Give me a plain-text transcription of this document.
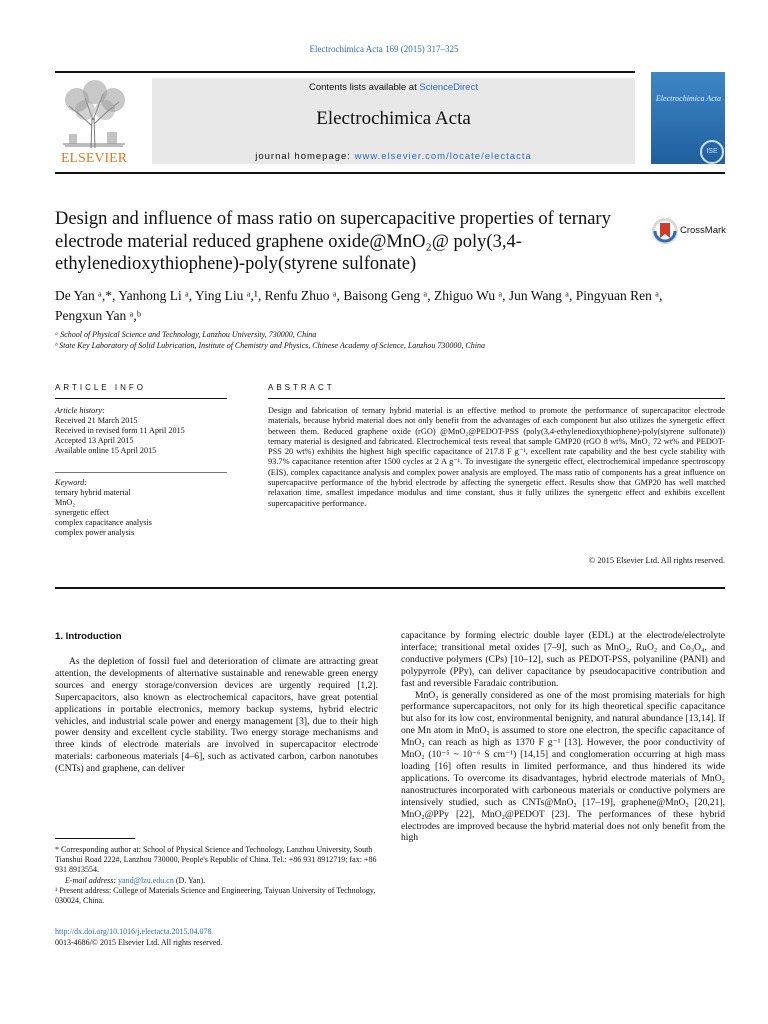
Electrochimica Acta 169 (2015) 317–325
ELSEVIER
Contents lists available at ScienceDirect
Electrochimica Acta
journal homepage: www.elsevier.com/locate/electacta
Electrochimica Acta
ISE
Design and influence of mass ratio on supercapacitive properties of ternary electrode material reduced graphene oxide@MnO₂@ poly(3,4-ethylenedioxythiophene)-poly(styrene sulfonate)
CrossMark
De Yan ᵃ,*, Yanhong Li ᵃ, Ying Liu ᵃ,¹, Renfu Zhuo ᵃ, Baisong Geng ᵃ, Zhiguo Wu ᵃ, Jun Wang ᵃ, Pingyuan Ren ᵃ, Pengxun Yan ᵃ,ᵇ
ᵃ School of Physical Science and Technology, Lanzhou University, 730000, China
ᵇ State Key Laboratory of Solid Lubrication, Institute of Chemistry and Physics, Chinese Academy of Science, Lanzhou 730000, China
ARTICLE INFO	ABSTRACT
Article history:
Received 21 March 2015
Received in revised form 11 April 2015
Accepted 13 April 2015
Available online 15 April 2015
Keyword:
ternary hybrid material
MnO₂
synergetic effect
complex capacitance analysis
complex power analysis
Design and fabrication of ternary hybrid material is an effective method to promote the performance of supercapacitor electrode materials, because hybrid material does not only benefit from the advantages of each component but also utilizes the synergetic effect between them. Reduced graphene oxide (rGO) @MnO₂@PEDOT-PSS (poly(3,4-ethylenedioxythiophene)-poly(styrene sulfonate)) ternary material is designed and fabricated. Electrochemical tests reveal that sample GMP20 (rGO 8 wt%, MnO₂ 72 wt% and PEDOT-PSS 20 wt%) exhibits the highest high specific capacitance of 217.8 F g⁻¹, excellent rate capability and the best cycle stability with 93.7% capacitance retention after 1500 cycles at 2 A g⁻¹. To investigate the synergetic effect, electrochemical impedance spectroscopy (EIS), complex capacitance analysis and complex power analysis are employed. The mass ratio of components has a great influence on supercapacitve performance of the hybrid electrode by affecting the synergetic effect. Results show that GMP20 has well matched relaxation time, smallest impedance modulus and time constant, thus it fully utilizes the synergetic effect and exhibits excellent supercapacitive performance.
© 2015 Elsevier Ltd. All rights reserved.
1. Introduction

As the depletion of fossil fuel and deterioration of climate are attracting great attention, the developments of alternative sustainable and renewable green energy sources and energy storage/conversion devices are urgently required [1,2]. Supercapacitors, also known as electrochemical capacitors, have great potential applications in portable electronics, memory backup systems, hybrid electric vehicles, and industrial scale power and energy management [3], due to their high power density and excellent cycle stability. Two energy storage mechanisms and three kinds of electrode materials are involved in supercapacitor electrode materials: carboneous materials [4–6], such as activated carbon, carbon nanotubes (CNTs) and graphene, can deliver

capacitance by forming electric double layer (EDL) at the electrode/electrolyte interface; transitional metal oxides [7–9], such as MnO₂, RuO₂ and Co₃O₄, and conductive polymers (CPs) [10–12], such as PEDOT-PSS, polyaniline (PANI) and polypyrrole (PPy), can deliver capacitance by pseudocapacitive contribution and fast and reversible Faradaic contribution.

MnO₂ is generally considered as one of the most promising materials for high performance supercapacitors, not only for its high theoretical specific capacitance but also for its low cost, environmental benignity, and natural abundance [13,14]. If one Mn atom in MnO₂ is assumed to store one electron, the specific capacitance of MnO₂ can reach as high as 1370 F g⁻¹ [13]. However, the poor conductivity of MnO₂ (10⁻⁵ ~ 10⁻⁶ S cm⁻¹) [14,15] and conglomeration occurring at high mass loading [16] often results in limited performance, and thus hindered its wide applications. To overcome its disadvantages, hybrid electrode materials of MnO₂ nanostructures incorporated with carboneous materials or conductive polymers are intensively studied, such as CNTs@MnO₂ [17–19], graphene@MnO₂ [20,21], MnO₂@PPy [22], MnO₂@PEDOT [23]. The performances of these hybrid electrodes are improved because the hybrid material does not only benefit from the high

* Corresponding author at: School of Physical Science and Technology, Lanzhou University, South Tianshui Road 222#, Lanzhou 730000, People's Republic of China. Tel.: +86 931 8912719; fax: +86 931 8913554.

E-mail address: yand@lzu.edu.cn (D. Yan).

¹ Present address: College of Materials Science and Engineering, Taiyuan University of Technology, 030024, China.

http://dx.doi.org/10.1016/j.electacta.2015.04.078
0013-4686/© 2015 Elsevier Ltd. All rights reserved.
